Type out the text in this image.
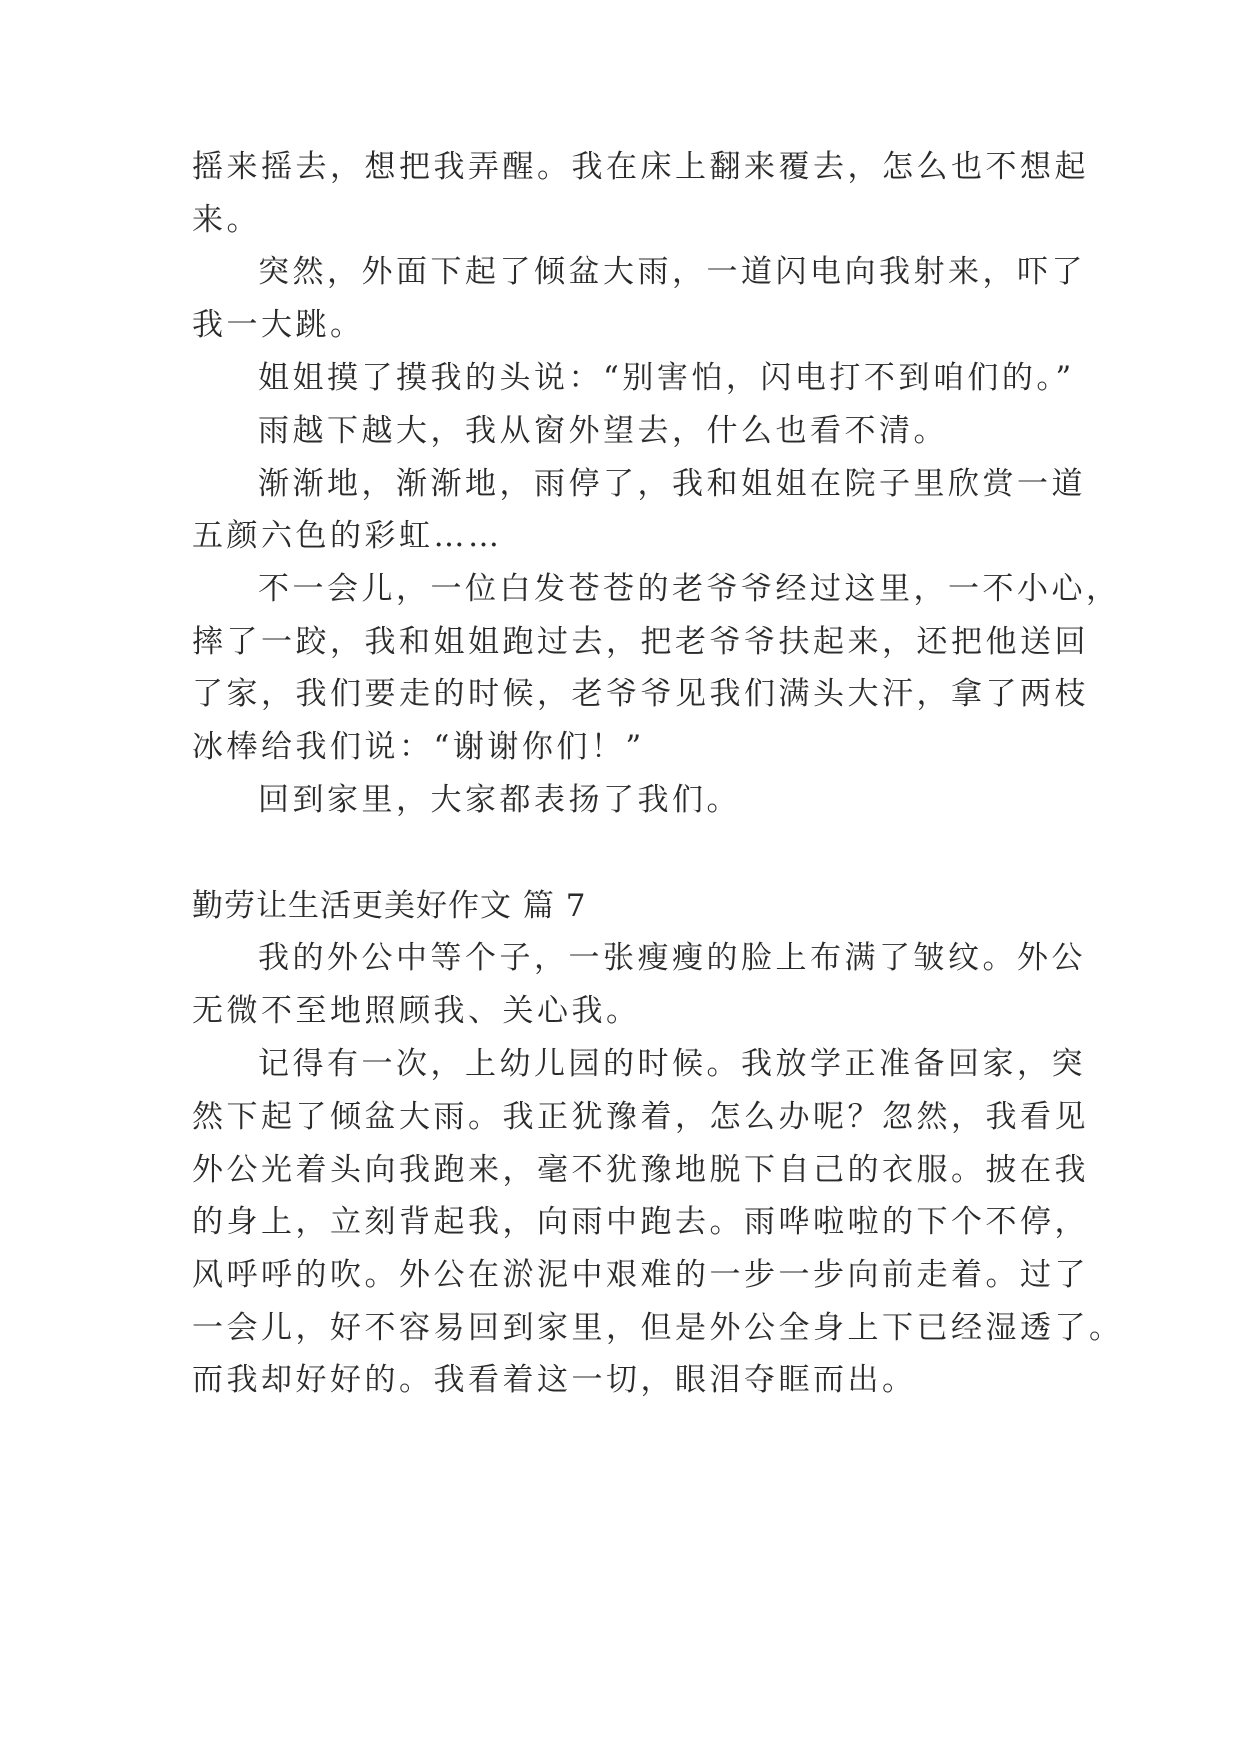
摇来摇去，想把我弄醒。我在床上翻来覆去，怎么也不想起
来。
突然，外面下起了倾盆大雨，一道闪电向我射来，吓了
我一大跳。
姐姐摸了摸我的头说：“别害怕，闪电打不到咱们的。”
雨越下越大，我从窗外望去，什么也看不清。
渐渐地，渐渐地，雨停了，我和姐姐在院子里欣赏一道
五颜六色的彩虹……
不一会儿，一位白发苍苍的老爷爷经过这里，一不小心，
摔了一跤，我和姐姐跑过去，把老爷爷扶起来，还把他送回
了家，我们要走的时候，老爷爷见我们满头大汗，拿了两枝
冰棒给我们说：“谢谢你们！”
回到家里，大家都表扬了我们。
勤劳让生活更美好作文 篇 7
我的外公中等个子，一张瘦瘦的脸上布满了皱纹。外公
无微不至地照顾我、关心我。
记得有一次，上幼儿园的时候。我放学正准备回家，突
然下起了倾盆大雨。我正犹豫着，怎么办呢？忽然，我看见
外公光着头向我跑来，毫不犹豫地脱下自己的衣服。披在我
的身上，立刻背起我，向雨中跑去。雨哗啦啦的下个不停，
风呼呼的吹。外公在淤泥中艰难的一步一步向前走着。过了
一会儿，好不容易回到家里，但是外公全身上下已经湿透了。
而我却好好的。我看着这一切，眼泪夺眶而出。
